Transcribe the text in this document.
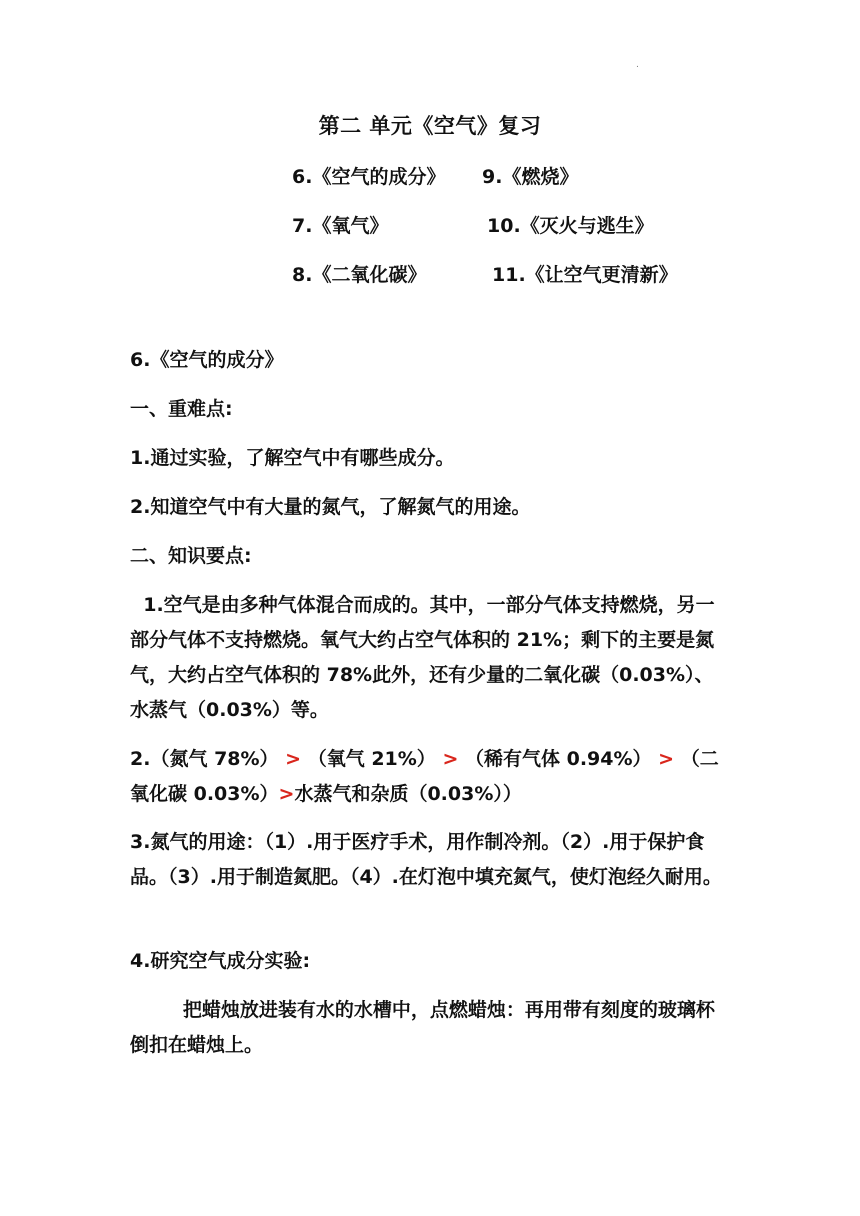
.
第二 单元《空气》复习
6.《空气的成分》 9.《燃烧》
7.《氧气》	10.《灭火与逃生》
8.《二氧化碳》	11.《让空气更清新》
6.《空气的成分》
一、重难点:
1.通过实验，了解空气中有哪些成分。
2.知道空气中有大量的氮气，了解氮气的用途。
二、知识要点:
1.空气是由多种气体混合而成的。其中，一部分气体支持燃烧，另一部分气体不支持燃烧。氧气大约占空气体积的 21%；剩下的主要是氮气，大约占空气体积的 78%此外，还有少量的二氧化碳（0.03%）、水蒸气（0.03%）等。
2.（氮气 78%） > （氧气 21%） > （稀有气体 0.94%） > （二氧化碳 0.03%）>水蒸气和杂质（0.03%））
3.氮气的用途：（1）.用于医疗手术，用作制冷剂。（2）.用于保护食品。（3）.用于制造氮肥。（4）.在灯泡中填充氮气，使灯泡经久耐用。
4.研究空气成分实验:
把蜡烛放进装有水的水槽中，点燃蜡烛：再用带有刻度的玻璃杯倒扣在蜡烛上。
